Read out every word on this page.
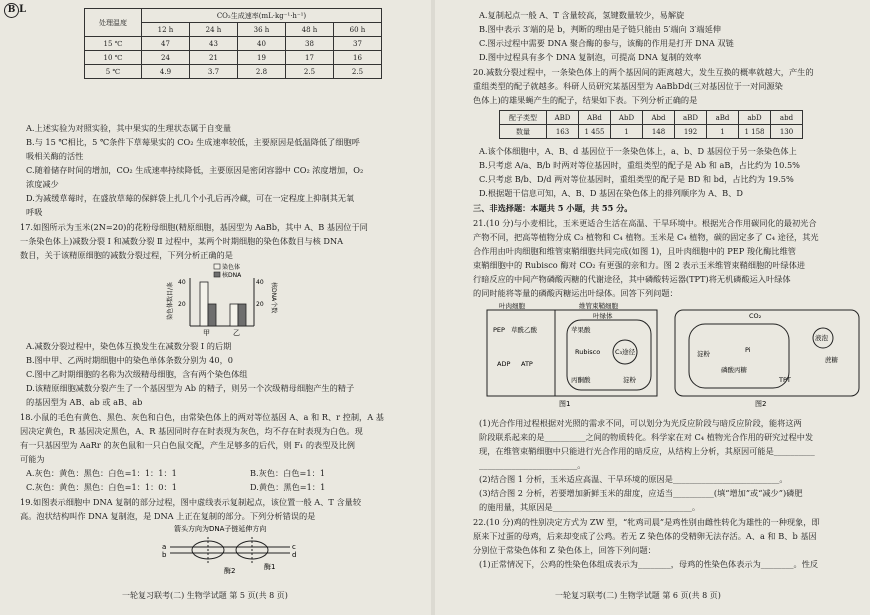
B L
处理温度	CO₂生成速率(mL·kg⁻¹·h⁻¹)				
	12 h	24 h	36 h	48 h	60 h
15 ℃	47	43	40	38	37
10 ℃	24	21	19	17	16
5 ℃	4.9	3.7	2.8	2.5	2.5
A.上述实验为对照实验，其中果实的生理状态属于自变量
B.与 15 ℃相比，5 ℃条件下草莓果实的 CO₂ 生成速率较低，主要原因是低温降低了细胞呼
吸相关酶的活性
C.随着储存时间的增加，CO₂ 生成速率持续降低，主要原因是密闭容器中 CO₂ 浓度增加，O₂
浓度减少
D.为减缓草莓时，在盛放草莓的保鲜袋上扎几个小孔后再冷藏，可在一定程度上抑制其无氧
呼吸
17.如图所示为玉米(2N=20)的花粉母细胞(精原细胞，基因型为 AaBb，其中 A、B 基因位于同
一条染色体上)减数分裂 Ⅰ 和减数分裂 Ⅱ 过程中，某两个时期细胞的染色体数目与核 DNA
数目，关于该精原细胞的减数分裂过程，下列分析正确的是
40	40
20	20
染色体数目/条	核DNA个数
甲	乙
染色体
核DNA
A.减数分裂过程中，染色体互换发生在减数分裂 Ⅰ 的后期
B.图中甲、乙两时期细胞中的染色单体条数分别为 40，0
C.图中乙时期细胞的名称为次级精母细胞，含有两个染色体组
D.该精原细胞减数分裂产生了一个基因型为 Ab 的精子，则另一个次级精母细胞产生的精子
的基因型为 AB、ab 或 aB、ab
18.小鼠的毛色有黄色、黑色、灰色和白色，由常染色体上的两对等位基因 A、a 和 R、r 控制，A 基
因决定黄色，R 基因决定黑色，A、R 基因同时存在时表现为灰色，均不存在时表现为白色。现
有一只基因型为 AaRr 的灰色鼠和一只白色鼠交配，产生足够多的后代，则 F₁ 的表型及比例
可能为
A.灰色：黄色：黑色：白色=1：1：1：1	B.灰色：白色=1：1
C.灰色：黄色：黑色：白色=1：1：0：1	D.黄色：黑色=1：1
19.如图表示细胞中 DNA 复制的部分过程，图中虚线表示复制起点，该位置一般 A、T 含量较
高。泡状结构叫作 DNA 复制泡，是 DNA 上正在复制的部分。下列分析错误的是
箭头方向为DNA子链延伸方向
a
b
c
d
酶1
酶2
一轮复习联考(二) 生物学试题 第 5 页(共 8 页)
A.复制起点一般 A、T 含量较高，氢键数量较少，易解旋
B.图中表示 3′端的是 b，判断的理由是子链只能由 5′端向 3′端延伸
C.图示过程中需要 DNA 聚合酶的参与，该酶的作用是打开 DNA 双链
D.图中过程具有多个 DNA 复制泡，可提高 DNA 复制的效率
20.减数分裂过程中，一条染色体上的两个基因间的距离越大，发生互换的概率就越大，产生的
重组类型的配子就越多。科研人员研究某基因型为 AaBbDd(三对基因位于一对同源染
色体上)的雄果蝇产生的配子，结果如下表。下列分析正确的是
配子类型	ABD	ABd	AbD	Abd	aBD	aBd	abD	abd
数量	163	1 455	1	148	192	1	1 158	130
A.该个体细胞中，A、B、d 基因位于一条染色体上，a、b、D 基因位于另一条染色体上
B.只考虑 A/a、B/b 时两对等位基因时，重组类型的配子是 Ab 和 aB，占比约为 10.5%
C.只考虑 B/b、D/d 两对等位基因时，重组类型的配子是 BD 和 bd，占比约为 19.5%
D.根据题干信息可知，A、B、D 基因在染色体上的排列顺序为 A、B、D
三、非选择题：本题共 5 小题，共 55 分。
21.(10 分)与小麦相比，玉米更适合生活在高温、干旱环境中。根据光合作用碳同化的最初光合
产物不同，把高等植物分成 C₃ 植物和 C₄ 植物。玉米是 C₄ 植物，碳的固定多了 C₄ 途径，其光
合作用由叶肉细胞和维管束鞘细胞共同完成(如图 1)，且叶肉细胞中的 PEP 羧化酶比维管
束鞘细胞中的 Rubisco 酶对 CO₂ 有更强的亲和力。图 2 表示玉米维管束鞘细胞的叶绿体进
行暗反应的中间产物磷酸丙糖的代谢途径，其中磷酸转运器(TPT)将无机磷酸运入叶绿体
的同时能将等量的磷酸丙糖运出叶绿体。回答下列问题：
叶肉细胞	维管束鞘细胞
叶绿体
PEP 草酰乙酸	苹果酸
丙酮酸
Rubisco C₃途径
ADP ATP
淀粉
图1
CO₂
淀粉	Pi
磷酸丙糖
TPT
蔗糖
液泡
图2
(1)光合作用过程根据对光照的需求不同，可以划分为光反应阶段与暗反应阶段，能将这两
阶段联系起来的是__________之间的物质转化。科学家在对 C₄ 植物光合作用的研究过程中发
现，在维管束鞘细胞中只能进行光合作用的暗反应，从结构上分析，其原因可能是__________
________________________。
(2)结合图 1 分析，玉米适应高温、干旱环境的原因是__________________________。
(3)结合图 2 分析，若要增加新鲜玉米的甜度，应适当__________(填“增加”或“减少”)磷肥
的施用量，其原因是__________________________________。
22.(10 分)鸡的性别决定方式为 ZW 型，“牝鸡司晨”是鸡性别由雌性转化为雄性的一种现象，即
原来下过蛋的母鸡，后来却变成了公鸡。若无 Z 染色体的受精卵无法存活。A、a 和 B、b 基因
分别位于常染色体和 Z 染色体上，回答下列问题：
(1)正常情况下，公鸡的性染色体组成表示为________，母鸡的性染色体表示为________。性反
一轮复习联考(二) 生物学试题 第 6 页(共 8 页)
